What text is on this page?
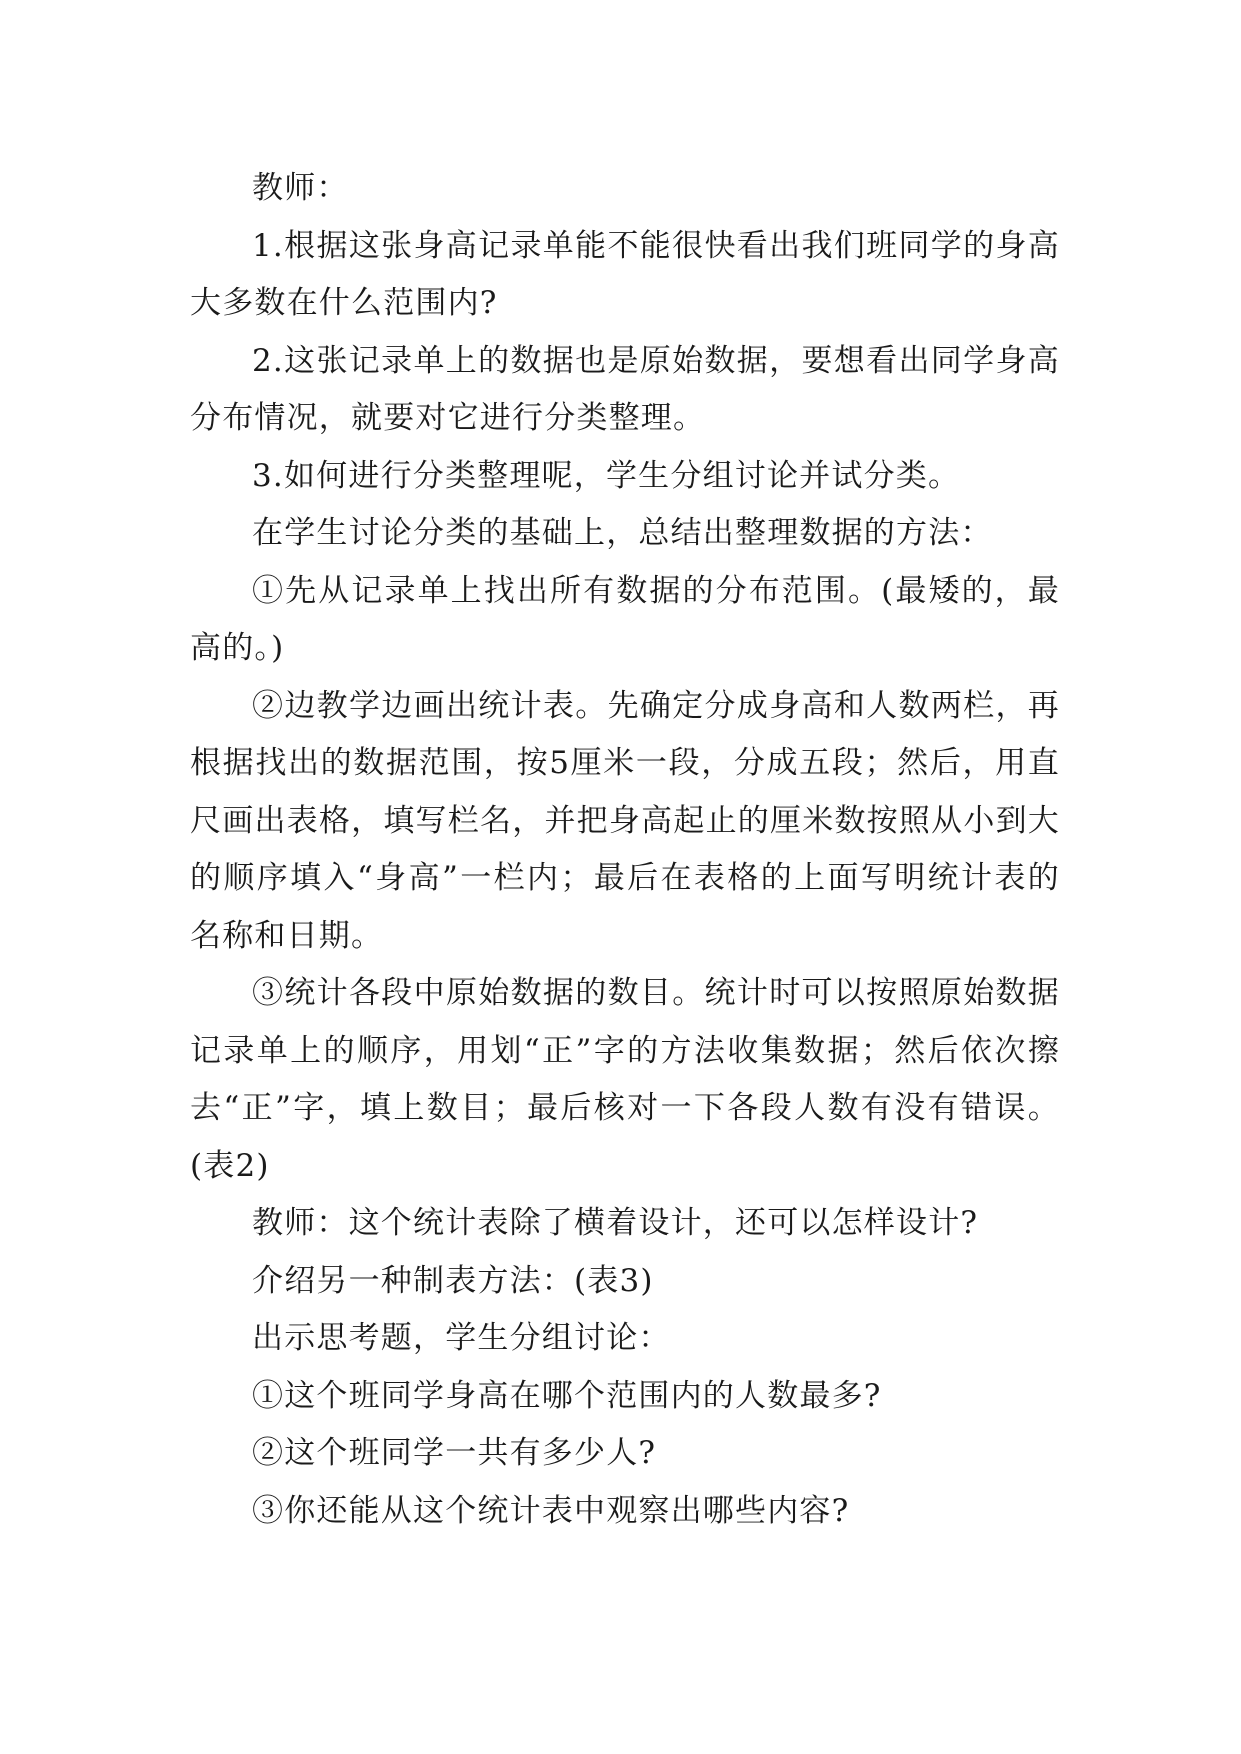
教师：

1.根据这张身高记录单能不能很快看出我们班同学的身高大多数在什么范围内?

2.这张记录单上的数据也是原始数据，要想看出同学身高分布情况，就要对它进行分类整理。

3.如何进行分类整理呢，学生分组讨论并试分类。

在学生讨论分类的基础上，总结出整理数据的方法：

①先从记录单上找出所有数据的分布范围。(最矮的，最高的。)

②边教学边画出统计表。先确定分成身高和人数两栏，再根据找出的数据范围，按5厘米一段，分成五段；然后，用直尺画出表格，填写栏名，并把身高起止的厘米数按照从小到大的顺序填入“身高”一栏内；最后在表格的上面写明统计表的名称和日期。

③统计各段中原始数据的数目。统计时可以按照原始数据记录单上的顺序，用划“正”字的方法收集数据；然后依次擦去“正”字，填上数目；最后核对一下各段人数有没有错误。(表2)

教师：这个统计表除了横着设计，还可以怎样设计?

介绍另一种制表方法：(表3)

出示思考题，学生分组讨论：

①这个班同学身高在哪个范围内的人数最多?

②这个班同学一共有多少人?

③你还能从这个统计表中观察出哪些内容?
